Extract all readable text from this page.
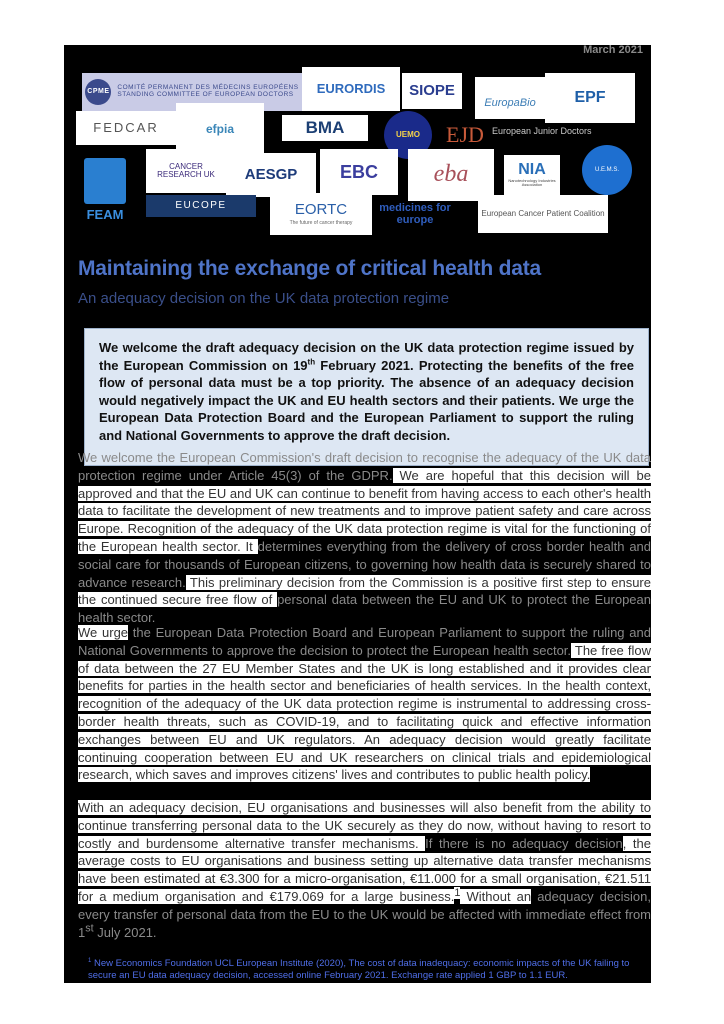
March 2021
CPMECOMITÉ PERMANENT DES MÉDECINS EUROPÉENS
STANDING COMMITTEE OF EUROPEAN DOCTORS	EURORDIS SIOPE
EuropaBio EPF
FEDCAR	efpia	BMA	UEMO EJD European Junior Doctors
FEAM
CANCER RESEARCH UK	AESGP EBC eba	NIA
Nanotechnology Industries Association
U.E.M.S.
EUCOPE	EORTC
The future of cancer therapy
medicines for europe
European Cancer Patient Coalition
Maintaining the exchange of critical health data
An adequacy decision on the UK data protection regime
We welcome the draft adequacy decision on the UK data protection regime issued by the European Commission on 19th February 2021. Protecting the benefits of the free flow of personal data must be a top priority. The absence of an adequacy decision would negatively impact the UK and EU health sectors and their patients. We urge the European Data Protection Board and the European Parliament to support the ruling and National Governments to approve the draft decision.
We welcome the European Commission's draft decision to recognise the adequacy of the UK data protection regime under Article 45(3) of the GDPR. We are hopeful that this decision will be approved and that the EU and UK can continue to benefit from having access to each other's health data to facilitate the development of new treatments and to improve patient safety and care across Europe. Recognition of the adequacy of the UK data protection regime is vital for the functioning of the European health sector. It determines everything from the delivery of cross border health and social care for thousands of European citizens, to governing how health data is securely shared to advance research. This preliminary decision from the Commission is a positive first step to ensure the continued secure free flow of personal data between the EU and UK to protect the European health sector.
We urge the European Data Protection Board and European Parliament to support the ruling and National Governments to approve the decision to protect the European health sector. The free flow of data between the 27 EU Member States and the UK is long established and it provides clear benefits for parties in the health sector and beneficiaries of health services. In the health context, recognition of the adequacy of the UK data protection regime is instrumental to addressing cross-border health threats, such as COVID-19, and to facilitating quick and effective information exchanges between EU and UK regulators. An adequacy decision would greatly facilitate continuing cooperation between EU and UK researchers on clinical trials and epidemiological research, which saves and improves citizens' lives and contributes to public health policy.
With an adequacy decision, EU organisations and businesses will also benefit from the ability to continue transferring personal data to the UK securely as they do now, without having to resort to costly and burdensome alternative transfer mechanisms. If there is no adequacy decision, the average costs to EU organisations and business setting up alternative data transfer mechanisms have been estimated at €3.300 for a micro-organisation, €11.000 for a small organisation, €21.511 for a medium organisation and €179.069 for a large business.$^1$ Without an adequacy decision, every transfer of personal data from the EU to the UK would be affected with immediate effect from 1st July 2021.
$^1$ New Economics Foundation UCL European Institute (2020), The cost of data inadequacy: economic impacts of the UK failing to secure an EU data adequacy decision, accessed online February 2021. Exchange rate applied 1 GBP to 1.1 EUR.
